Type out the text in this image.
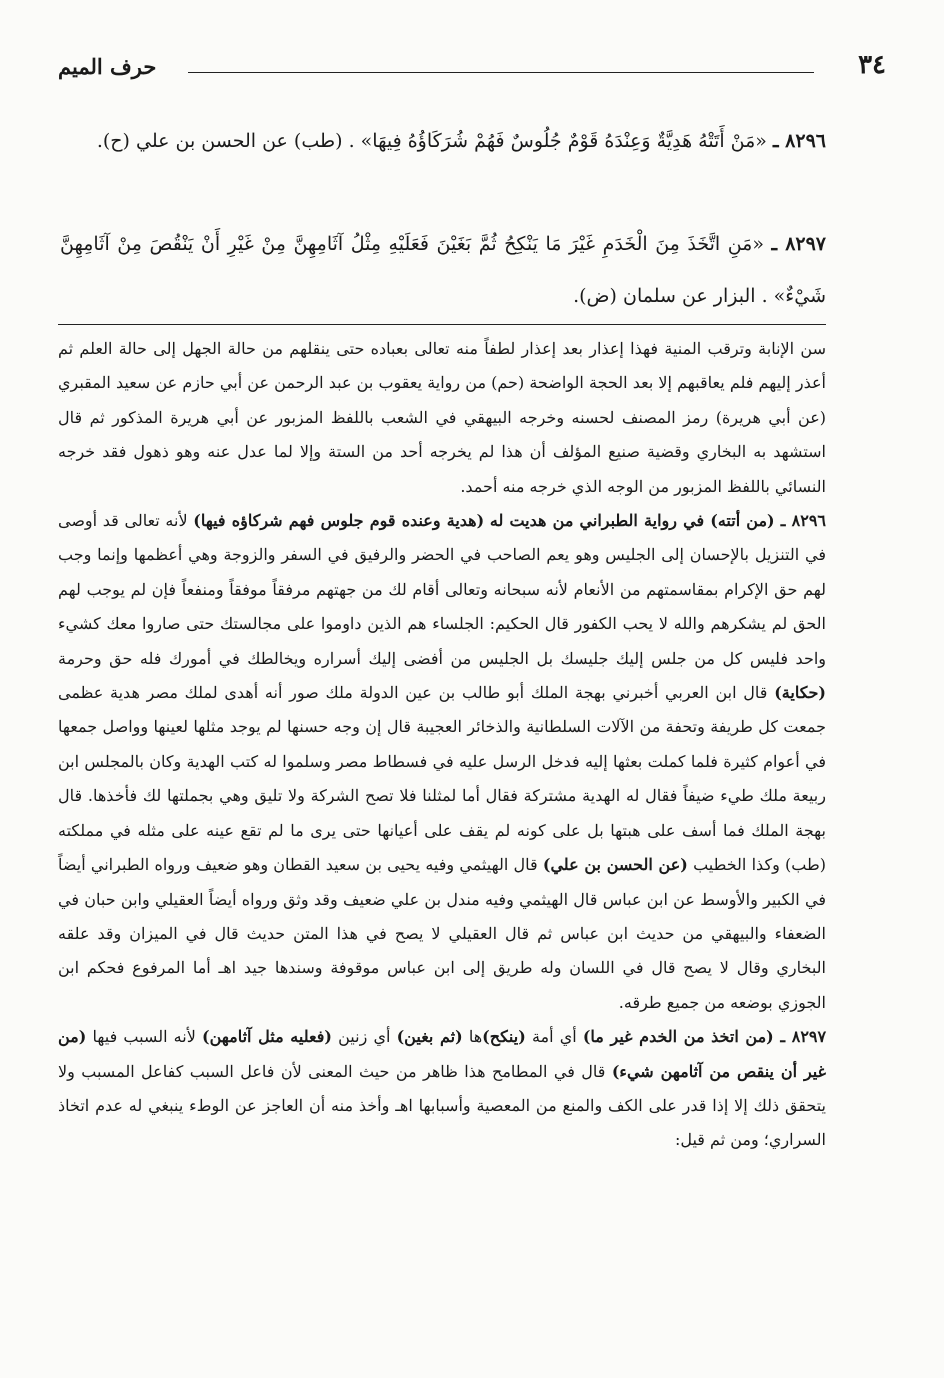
٣٤
حرف الميم
٨٢٩٦ ـ «مَنْ أَتَتْهُ هَدِيَّةٌ وَعِنْدَهُ قَوْمٌ جُلُوسٌ فَهُمْ شُرَكَاؤُهُ فِيهَا» . (طب) عن الحسن بن علي (ح).
٨٢٩٧ ـ «مَنِ اتَّخَذَ مِنَ الْخَدَمِ غَيْرَ مَا يَنْكِحُ ثُمَّ بَغَيْنَ فَعَلَيْهِ مِثْلُ آثَامِهِنَّ مِنْ غَيْرِ أَنْ يَنْقُصَ مِنْ آثَامِهِنَّ شَيْءٌ» . البزار عن سلمان (ض).

سن الإنابة وترقب المنية فهذا إعذار بعد إعذار لطفاً منه تعالى بعباده حتى ينقلهم من حالة الجهل إلى حالة العلم ثم أعذر إليهم فلم يعاقبهم إلا بعد الحجة الواضحة (حم) من رواية يعقوب بن عبد الرحمن عن أبي حازم عن سعيد المقبري (عن أبي هريرة) رمز المصنف لحسنه وخرجه البيهقي في الشعب باللفظ المزبور عن أبي هريرة المذكور ثم قال استشهد به البخاري وقضية صنيع المؤلف أن هذا لم يخرجه أحد من الستة وإلا لما عدل عنه وهو ذهول فقد خرجه النسائي باللفظ المزبور من الوجه الذي خرجه منه أحمد.

٨٢٩٦ ـ (من أتته) في رواية الطبراني من هديت له (هدية وعنده قوم جلوس فهم شركاؤه فيها) لأنه تعالى قد أوصى في التنزيل بالإحسان إلى الجليس وهو يعم الصاحب في الحضر والرفيق في السفر والزوجة وهي أعظمها وإنما وجب لهم حق الإكرام بمقاسمتهم من الأنعام لأنه سبحانه وتعالى أقام لك من جهتهم مرفقاً موفقاً ومنفعاً فإن لم يوجب لهم الحق لم يشكرهم والله لا يحب الكفور قال الحكيم: الجلساء هم الذين داوموا على مجالستك حتى صاروا معك كشيء واحد فليس كل من جلس إليك جليسك بل الجليس من أفضى إليك أسراره ويخالطك في أمورك فله حق وحرمة (حكاية) قال ابن العربي أخبرني بهجة الملك أبو طالب بن عين الدولة ملك صور أنه أهدى لملك مصر هدية عظمى جمعت كل طريفة وتحفة من الآلات السلطانية والذخائر العجيبة قال إن وجه حسنها لم يوجد مثلها لعينها وواصل جمعها في أعوام كثيرة فلما كملت بعثها إليه فدخل الرسل عليه في فسطاط مصر وسلموا له كتب الهدية وكان بالمجلس ابن ربيعة ملك طيء ضيفاً فقال له الهدية مشتركة فقال أما لمثلنا فلا تصح الشركة ولا تليق وهي بجملتها لك فأخذها. قال بهجة الملك فما أسف على هبتها بل على كونه لم يقف على أعيانها حتى يرى ما لم تقع عينه على مثله في مملكته (طب) وكذا الخطيب (عن الحسن بن علي) قال الهيثمي وفيه يحيى بن سعيد القطان وهو ضعيف ورواه الطبراني أيضاً في الكبير والأوسط عن ابن عباس قال الهيثمي وفيه مندل بن علي ضعيف وقد وثق ورواه أيضاً العقيلي وابن حبان في الضعفاء والبيهقي من حديث ابن عباس ثم قال العقيلي لا يصح في هذا المتن حديث قال في الميزان وقد علقه البخاري وقال لا يصح قال في اللسان وله طريق إلى ابن عباس موقوفة وسندها جيد اهـ أما المرفوع فحكم ابن الجوزي بوضعه من جميع طرقه.

٨٢٩٧ ـ (من اتخذ من الخدم غير ما) أي أمة (ينكح)ها (ثم بغين) أي زنين (فعليه مثل آثامهن) لأنه السبب فيها (من غير أن ينقص من آثامهن شيء) قال في المطامح هذا ظاهر من حيث المعنى لأن فاعل السبب كفاعل المسبب ولا يتحقق ذلك إلا إذا قدر على الكف والمنع من المعصية وأسبابها اهـ وأخذ منه أن العاجز عن الوطء ينبغي له عدم اتخاذ السراري؛ ومن ثم قيل:
